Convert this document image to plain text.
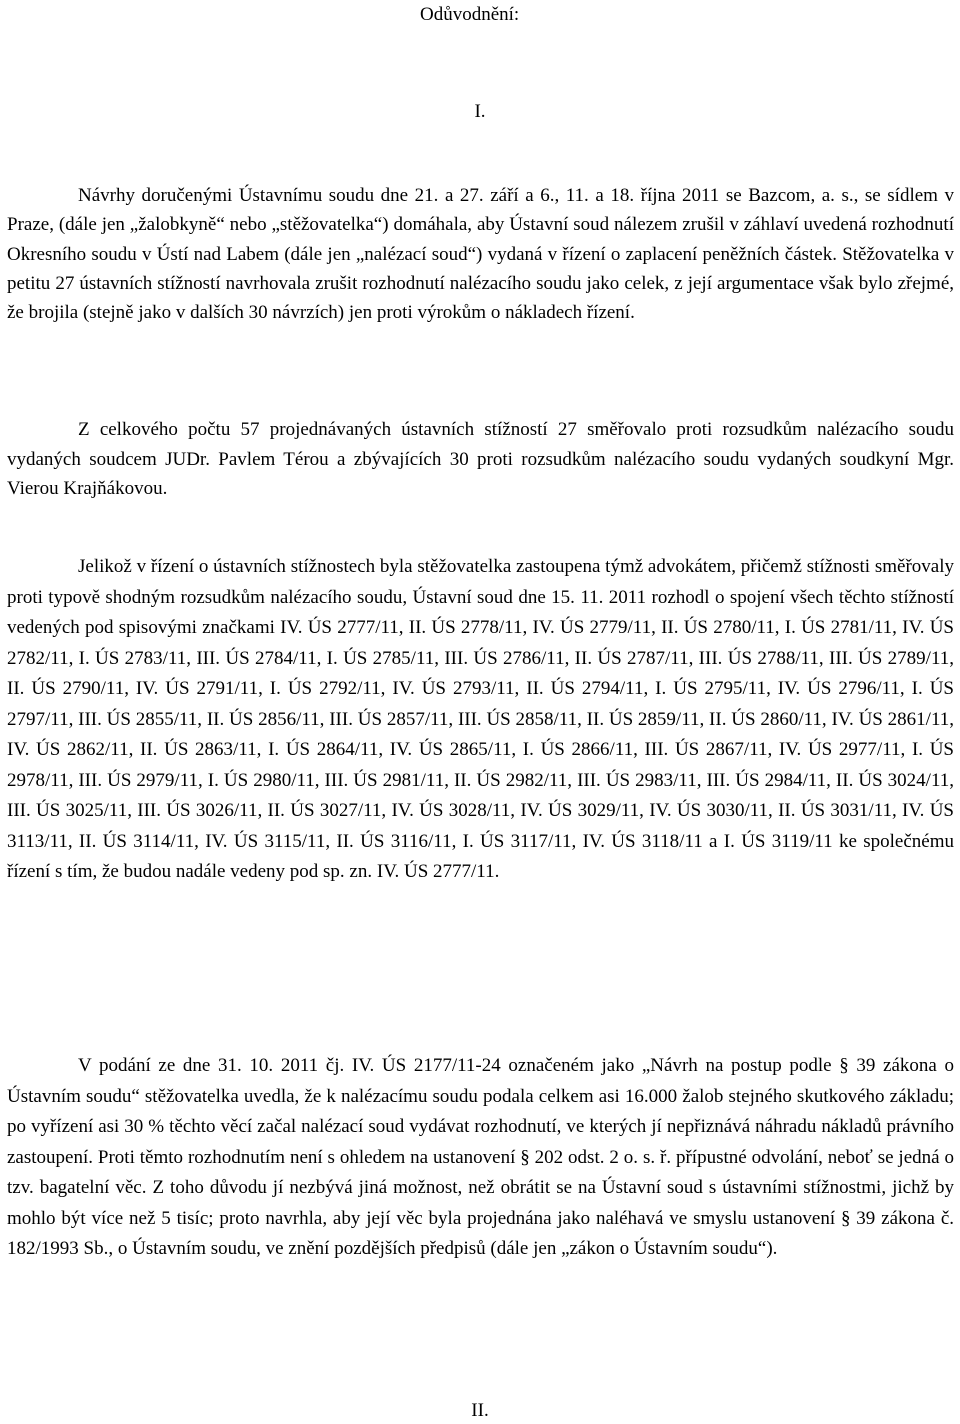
Odůvodnění:
I.

Návrhy doručenými Ústavnímu soudu dne 21. a 27. září a 6., 11. a 18. října 2011 se Bazcom, a. s., se sídlem v Praze, (dále jen „žalobkyně“ nebo „stěžovatelka“) domáhala, aby Ústavní soud nálezem zrušil v záhlaví uvedená rozhodnutí Okresního soudu v Ústí nad Labem (dále jen „nalézací soud“) vydaná v řízení o zaplacení peněžních částek. Stěžovatelka v petitu 27 ústavních stížností navrhovala zrušit rozhodnutí nalézacího soudu jako celek, z její argumentace však bylo zřejmé, že brojila (stejně jako v dalších 30 návrzích) jen proti výrokům o nákladech řízení.

Z celkového počtu 57 projednávaných ústavních stížností 27 směřovalo proti rozsudkům nalézacího soudu vydaných soudcem JUDr. Pavlem Térou a zbývajících 30 proti rozsudkům nalézacího soudu vydaných soudkyní Mgr. Vierou Krajňákovou.

Jelikož v řízení o ústavních stížnostech byla stěžovatelka zastoupena týmž advokátem, přičemž stížnosti směřovaly proti typově shodným rozsudkům nalézacího soudu, Ústavní soud dne 15. 11. 2011 rozhodl o spojení všech těchto stížností vedených pod spisovými značkami IV. ÚS 2777/11, II. ÚS 2778/11, IV. ÚS 2779/11, II. ÚS 2780/11, I. ÚS 2781/11, IV. ÚS 2782/11, I. ÚS 2783/11, III. ÚS 2784/11, I. ÚS 2785/11, III. ÚS 2786/11, II. ÚS 2787/11, III. ÚS 2788/11, III. ÚS 2789/11, II. ÚS 2790/11, IV. ÚS 2791/11, I. ÚS 2792/11, IV. ÚS 2793/11, II. ÚS 2794/11, I. ÚS 2795/11, IV. ÚS 2796/11, I. ÚS 2797/11, III. ÚS 2855/11, II. ÚS 2856/11, III. ÚS 2857/11, III. ÚS 2858/11, II. ÚS 2859/11, II. ÚS 2860/11, IV. ÚS 2861/11, IV. ÚS 2862/11, II. ÚS 2863/11, I. ÚS 2864/11, IV. ÚS 2865/11, I. ÚS 2866/11, III. ÚS 2867/11, IV. ÚS 2977/11, I. ÚS 2978/11, III. ÚS 2979/11, I. ÚS 2980/11, III. ÚS 2981/11, II. ÚS 2982/11, III. ÚS 2983/11, III. ÚS 2984/11, II. ÚS 3024/11, III. ÚS 3025/11, III. ÚS 3026/11, II. ÚS 3027/11, IV. ÚS 3028/11, IV. ÚS 3029/11, IV. ÚS 3030/11, II. ÚS 3031/11, IV. ÚS 3113/11, II. ÚS 3114/11, IV. ÚS 3115/11, II. ÚS 3116/11, I. ÚS 3117/11, IV. ÚS 3118/11 a I. ÚS 3119/11 ke společnému řízení s tím, že budou nadále vedeny pod sp. zn. IV. ÚS 2777/11.

V podání ze dne 31. 10. 2011 čj. IV. ÚS 2177/11-24 označeném jako „Návrh na postup podle § 39 zákona o Ústavním soudu“ stěžovatelka uvedla, že k nalézacímu soudu podala celkem asi 16.000 žalob stejného skutkového základu; po vyřízení asi 30 % těchto věcí začal nalézací soud vydávat rozhodnutí, ve kterých jí nepřiznává náhradu nákladů právního zastoupení. Proti těmto rozhodnutím není s ohledem na ustanovení § 202 odst. 2 o. s. ř. přípustné odvolání, neboť se jedná o tzv. bagatelní věc. Z toho důvodu jí nezbývá jiná možnost, než obrátit se na Ústavní soud s ústavními stížnostmi, jichž by mohlo být více než 5 tisíc; proto navrhla, aby její věc byla projednána jako naléhavá ve smyslu ustanovení § 39 zákona č. 182/1993 Sb., o Ústavním soudu, ve znění pozdějších předpisů (dále jen „zákon o Ústavním soudu“).

II.
